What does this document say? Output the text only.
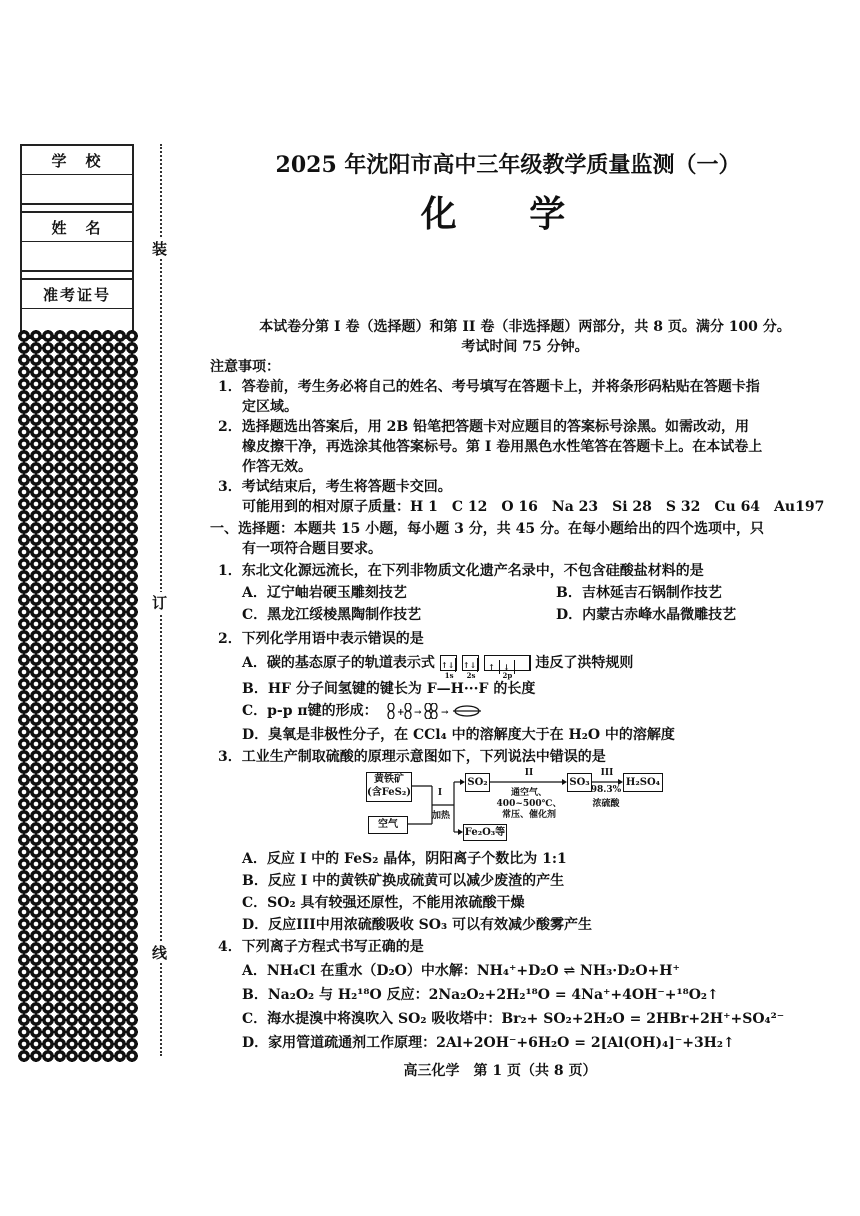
学　校
姓　名
准考证号
装
订
线
2025 年沈阳市高中三年级教学质量监测（一）
化 学
本试卷分第 I 卷（选择题）和第 II 卷（非选择题）两部分，共 8 页。满分 100 分。
考试时间 75 分钟。
注意事项：
1．答卷前，考生务必将自己的姓名、考号填写在答题卡上，并将条形码粘贴在答题卡指
定区域。
2．选择题选出答案后，用 2B 铅笔把答题卡对应题目的答案标号涂黑。如需改动，用
橡皮擦干净，再选涂其他答案标号。第 I 卷用黑色水性笔答在答题卡上。在本试卷上
作答无效。
3．考试结束后，考生将答题卡交回。
可能用到的相对原子质量：H 1　C 12　O 16　Na 23　Si 28　S 32　Cu 64　Au197
一、选择题：本题共 15 小题，每小题 3 分，共 45 分。在每小题给出的四个选项中，只
有一项符合题目要求。
1．东北文化源远流长，在下列非物质文化遗产名录中，不包含硅酸盐材料的是
A．辽宁岫岩硬玉雕刻技艺	B．吉林延吉石锅制作技艺
C．黑龙江绥棱黑陶制作技艺	D．内蒙古赤峰水晶微雕技艺
2．下列化学用语中表示错误的是
A．碳的基态原子的轨道表示式 ↑↓
1s
↑↓
2s
↑ ↓
2p
违反了洪特规则
B．HF 分子间氢键的键长为 F—H···F 的长度
C．p-p π键的形成： + → →
D．臭氧是非极性分子，在 CCl₄ 中的溶解度大于在 H₂O 中的溶解度
3．工业生产制取硫酸的原理示意图如下，下列说法中错误的是
黄铁矿
(含FeS₂)
空气
I
加热
SO₂
II
通空气、
400~500℃、
常压、催化剂
SO₃
III
98.3%
浓硫酸
H₂SO₄
Fe₂O₃等
A．反应 I 中的 FeS₂ 晶体，阴阳离子个数比为 1:1
B．反应 I 中的黄铁矿换成硫黄可以减少废渣的产生
C．SO₂ 具有较强还原性，不能用浓硫酸干燥
D．反应III中用浓硫酸吸收 SO₃ 可以有效减少酸雾产生
4．下列离子方程式书写正确的是
A．NH₄Cl 在重水（D₂O）中水解：NH₄⁺+D₂O ⇌ NH₃·D₂O+H⁺
B．Na₂O₂ 与 H₂¹⁸O 反应：2Na₂O₂+2H₂¹⁸O = 4Na⁺+4OH⁻+¹⁸O₂↑
C．海水提溴中将溴吹入 SO₂ 吸收塔中：Br₂+ SO₂+2H₂O = 2HBr+2H⁺+SO₄²⁻
D．家用管道疏通剂工作原理：2Al+2OH⁻+6H₂O = 2[Al(OH)₄]⁻+3H₂↑
高三化学　第 1 页（共 8 页）
